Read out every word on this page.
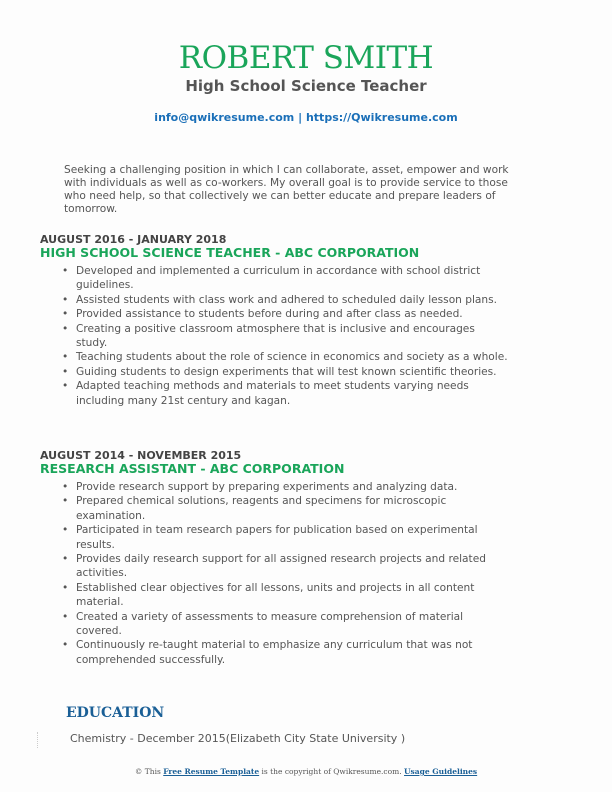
ROBERT SMITH
High School Science Teacher
info@qwikresume.com | https://Qwikresume.com
Seeking a challenging position in which I can collaborate, asset, empower and work with individuals as well as co-workers. My overall goal is to provide service to those who need help, so that collectively we can better educate and prepare leaders of tomorrow.
AUGUST 2016 - JANUARY 2018
HIGH SCHOOL SCIENCE TEACHER - ABC CORPORATION
• Developed and implemented a curriculum in accordance with school district guidelines.
• Assisted students with class work and adhered to scheduled daily lesson plans.
• Provided assistance to students before during and after class as needed.
• Creating a positive classroom atmosphere that is inclusive and encourages study.
• Teaching students about the role of science in economics and society as a whole.
• Guiding students to design experiments that will test known scientific theories.
• Adapted teaching methods and materials to meet students varying needs including many 21st century and kagan.
AUGUST 2014 - NOVEMBER 2015
RESEARCH ASSISTANT - ABC CORPORATION
• Provide research support by preparing experiments and analyzing data.
• Prepared chemical solutions, reagents and specimens for microscopic examination.
• Participated in team research papers for publication based on experimental results.
• Provides daily research support for all assigned research projects and related activities.
• Established clear objectives for all lessons, units and projects in all content material.
• Created a variety of assessments to measure comprehension of material covered.
• Continuously re-taught material to emphasize any curriculum that was not comprehended successfully.
EDUCATION
Chemistry - December 2015(Elizabeth City State University )
© This Free Resume Template is the copyright of Qwikresume.com. Usage Guidelines
